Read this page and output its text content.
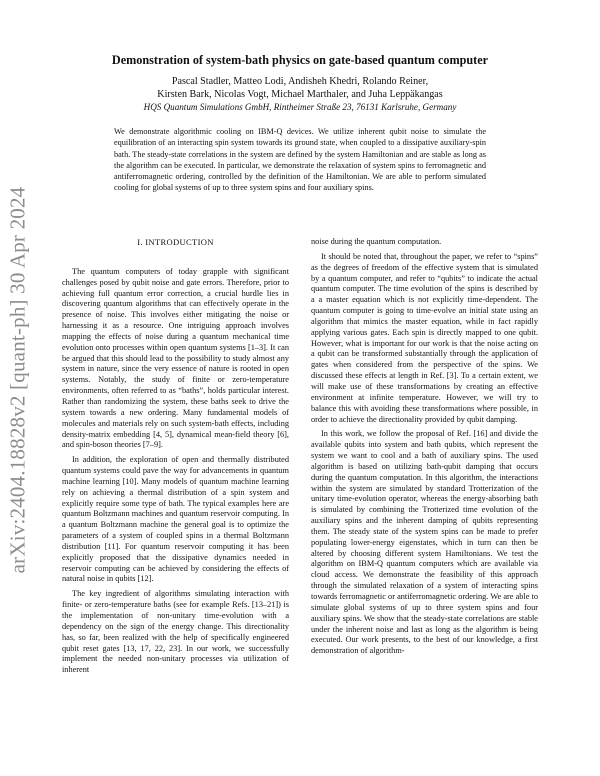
arXiv:2404.18828v2 [quant-ph] 30 Apr 2024
Demonstration of system-bath physics on gate-based quantum computer
Pascal Stadler, Matteo Lodi, Andisheh Khedri, Rolando Reiner,
Kirsten Bark, Nicolas Vogt, Michael Marthaler, and Juha Leppäkangas
HQS Quantum Simulations GmbH, Rintheimer Straße 23, 76131 Karlsruhe, Germany
We demonstrate algorithmic cooling on IBM-Q devices. We utilize inherent qubit noise to simulate the equilibration of an interacting spin system towards its ground state, when coupled to a dissipative auxiliary-spin bath. The steady-state correlations in the system are defined by the system Hamiltonian and are stable as long as the algorithm can be executed. In particular, we demonstrate the relaxation of system spins to ferromagnetic and antiferromagnetic ordering, controlled by the definition of the Hamiltonian. We are able to perform simulated cooling for global systems of up to three system spins and four auxiliary spins.
I. INTRODUCTION

The quantum computers of today grapple with significant challenges posed by qubit noise and gate errors. Therefore, prior to achieving full quantum error correction, a crucial hurdle lies in discovering quantum algorithms that can effectively operate in the presence of noise. This involves either mitigating the noise or harnessing it as a resource. One intriguing approach involves mapping the effects of noise during a quantum mechanical time evolution onto processes within open quantum systems [1–3]. It can be argued that this should lead to the possibility to study almost any system in nature, since the very essence of nature is rooted in open systems. Notably, the study of finite or zero-temperature environments, often referred to as “baths”, holds particular interest. Rather than randomizing the system, these baths seek to drive the system towards a new ordering. Many fundamental models of molecules and materials rely on such system-bath effects, including density-matrix embedding [4, 5], dynamical mean-field theory [6], and spin-boson theories [7–9].

In addition, the exploration of open and thermally distributed quantum systems could pave the way for advancements in quantum machine learning [10]. Many models of quantum machine learning rely on achieving a thermal distribution of a spin system and explicitly require some type of bath. The typical examples here are quantum Boltzmann machines and quantum reservoir computing. In a quantum Boltzmann machine the general goal is to optimize the parameters of a system of coupled spins in a thermal Boltzmann distribution [11]. For quantum reservoir computing it has been explicitly proposed that the dissipative dynamics needed in reservoir computing can be achieved by considering the effects of natural noise in qubits [12].

The key ingredient of algorithms simulating interaction with finite- or zero-temperature baths (see for example Refs. [13–21]) is the implementation of non-unitary time-evolution with a dependency on the sign of the energy change. This directionality has, so far, been realized with the help of specifically engineered qubit reset gates [13, 17, 22, 23]. In our work, we successfully implement the needed non-unitary processes via utilization of inherent

noise during the quantum computation.

It should be noted that, throughout the paper, we refer to “spins” as the degrees of freedom of the effective system that is simulated by a quantum computer, and refer to “qubits” to indicate the actual quantum computer. The time evolution of the spins is described by a a master equation which is not explicitly time-dependent. The quantum computer is going to time-evolve an initial state using an algorithm that mimics the master equation, while in fact rapidly applying various gates. Each spin is directly mapped to one qubit. However, what is important for our work is that the noise acting on a qubit can be transformed substantially through the application of gates when considered from the perspective of the spins. We discussed these effects at length in Ref. [3]. To a certain extent, we will make use of these transformations by creating an effective environment at infinite temperature. However, we will try to balance this with avoiding these transformations where possible, in order to achieve the directionality provided by qubit damping.

In this work, we follow the proposal of Ref. [16] and divide the available qubits into system and bath qubits, which represent the system we want to cool and a bath of auxiliary spins. The used algorithm is based on utilizing bath-qubit damping that occurs during the quantum computation. In this algorithm, the interactions within the system are simulated by standard Trotterization of the unitary time-evolution operator, whereas the energy-absorbing bath is simulated by combining the Trotterized time evolution of the auxiliary spins and the inherent damping of qubits representing them. The steady state of the system spins can be made to prefer populating lower-energy eigenstates, which in turn can then be altered by choosing different system Hamiltonians. We test the algorithm on IBM-Q quantum computers which are available via cloud access. We demonstrate the feasibility of this approach through the simulated relaxation of a system of interacting spins towards ferromagnetic or antiferromagnetic ordering. We are able to simulate global systems of up to three system spins and four auxiliary spins. We show that the steady-state correlations are stable under the inherent noise and last as long as the algorithm is being executed. Our work presents, to the best of our knowledge, a first demonstration of algorithm-
